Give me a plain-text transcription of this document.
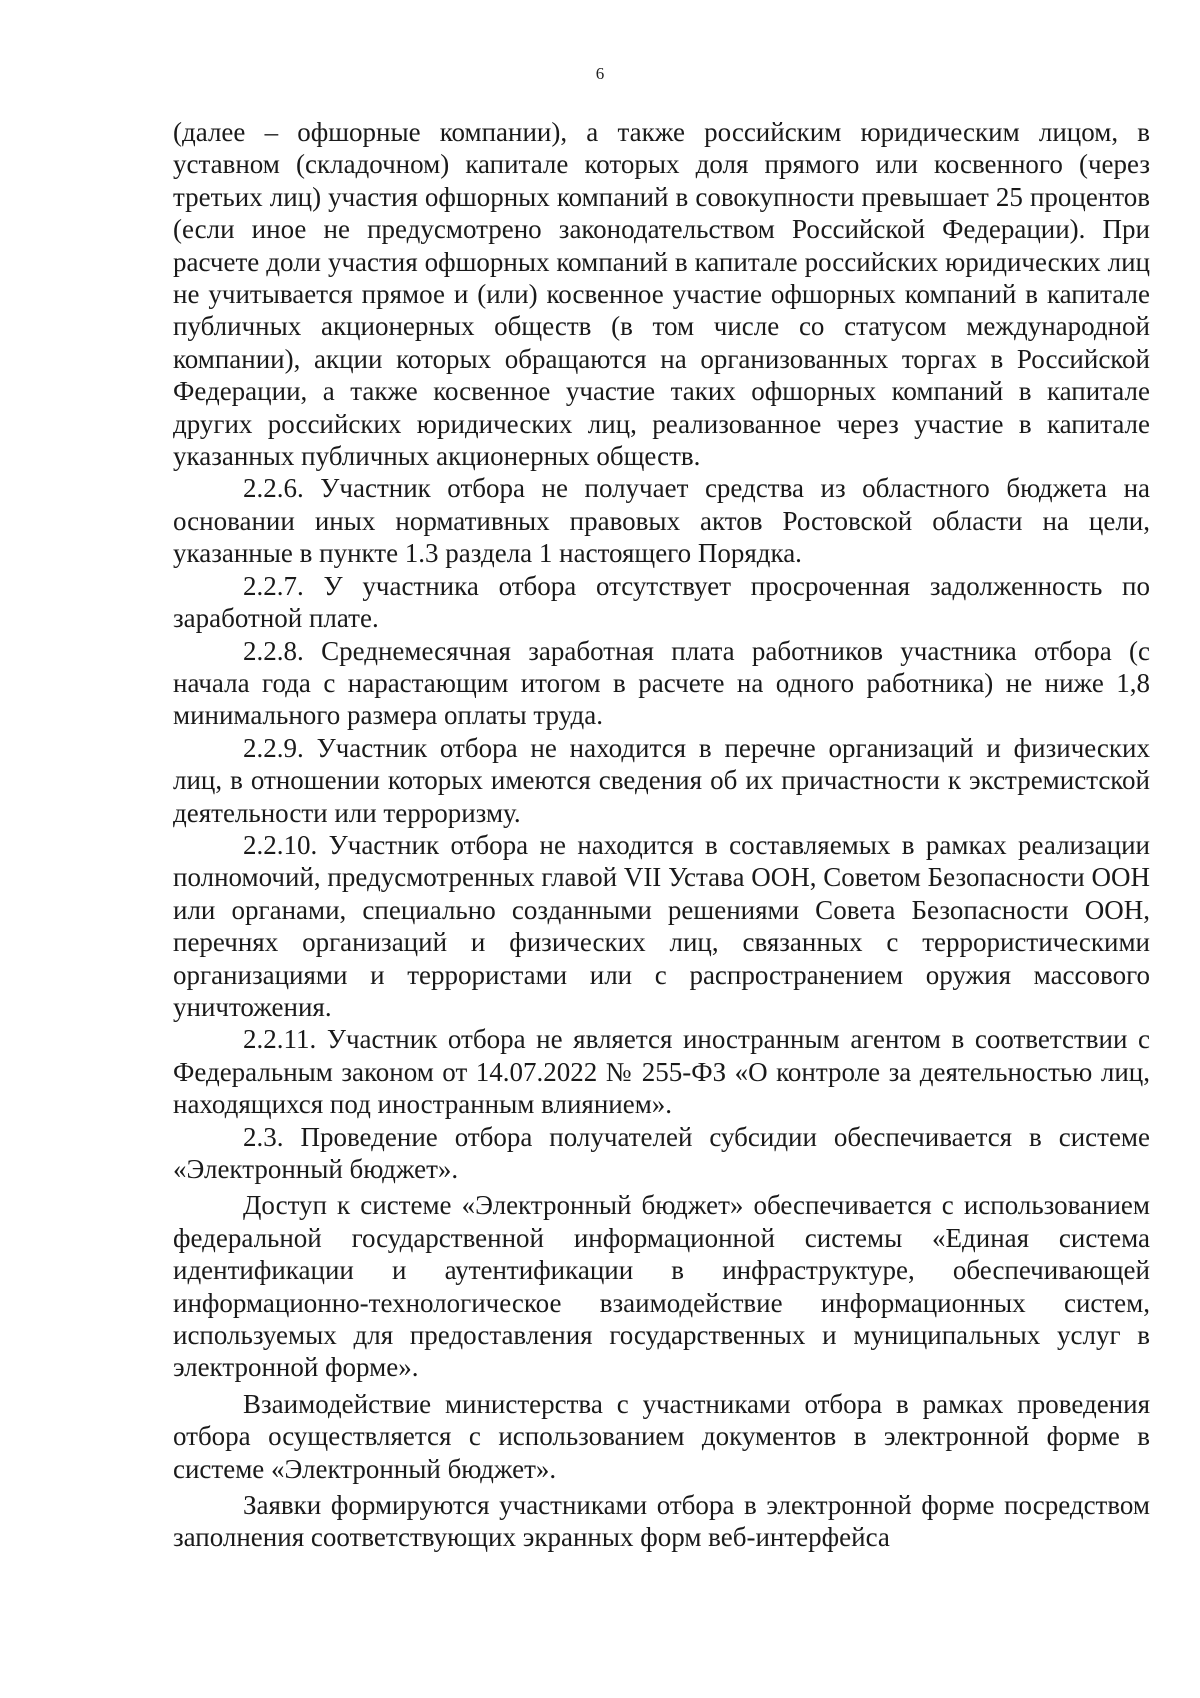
6

(далее – офшорные компании), а также российским юридическим лицом, в уставном (складочном) капитале которых доля прямого или косвенного (через третьих лиц) участия офшорных компаний в совокупности превышает 25 процентов (если иное не предусмотрено законодательством Российской Федерации). При расчете доли участия офшорных компаний в капитале российских юридических лиц не учитывается прямое и (или) косвенное участие офшорных компаний в капитале публичных акционерных обществ (в том числе со статусом международной компании), акции которых обращаются на организованных торгах в Российской Федерации, а также косвенное участие таких офшорных компаний в капитале других российских юридических лиц, реализованное через участие в капитале указанных публичных акционерных обществ.

2.2.6. Участник отбора не получает средства из областного бюджета на основании иных нормативных правовых актов Ростовской области на цели, указанные в пункте 1.3 раздела 1 настоящего Порядка.

2.2.7. У участника отбора отсутствует просроченная задолженность по заработной плате.

2.2.8. Среднемесячная заработная плата работников участника отбора (с начала года с нарастающим итогом в расчете на одного работника) не ниже 1,8 минимального размера оплаты труда.

2.2.9. Участник отбора не находится в перечне организаций и физических лиц, в отношении которых имеются сведения об их причастности к экстремистской деятельности или терроризму.

2.2.10. Участник отбора не находится в составляемых в рамках реализации полномочий, предусмотренных главой VII Устава ООН, Советом Безопасности ООН или органами, специально созданными решениями Совета Безопасности ООН, перечнях организаций и физических лиц, связанных с террористическими организациями и террористами или с распространением оружия массового уничтожения.

2.2.11. Участник отбора не является иностранным агентом в соответствии с Федеральным законом от 14.07.2022 № 255-ФЗ «О контроле за деятельностью лиц, находящихся под иностранным влиянием».

2.3. Проведение отбора получателей субсидии обеспечивается в системе «Электронный бюджет».

Доступ к системе «Электронный бюджет» обеспечивается с использованием федеральной государственной информационной системы «Единая система идентификации и аутентификации в инфраструктуре, обеспечивающей информационно-технологическое взаимодействие информационных систем, используемых для предоставления государственных и муниципальных услуг в электронной форме».

Взаимодействие министерства с участниками отбора в рамках проведения отбора осуществляется с использованием документов в электронной форме в системе «Электронный бюджет».

Заявки формируются участниками отбора в электронной форме посредством заполнения соответствующих экранных форм веб-интерфейса
